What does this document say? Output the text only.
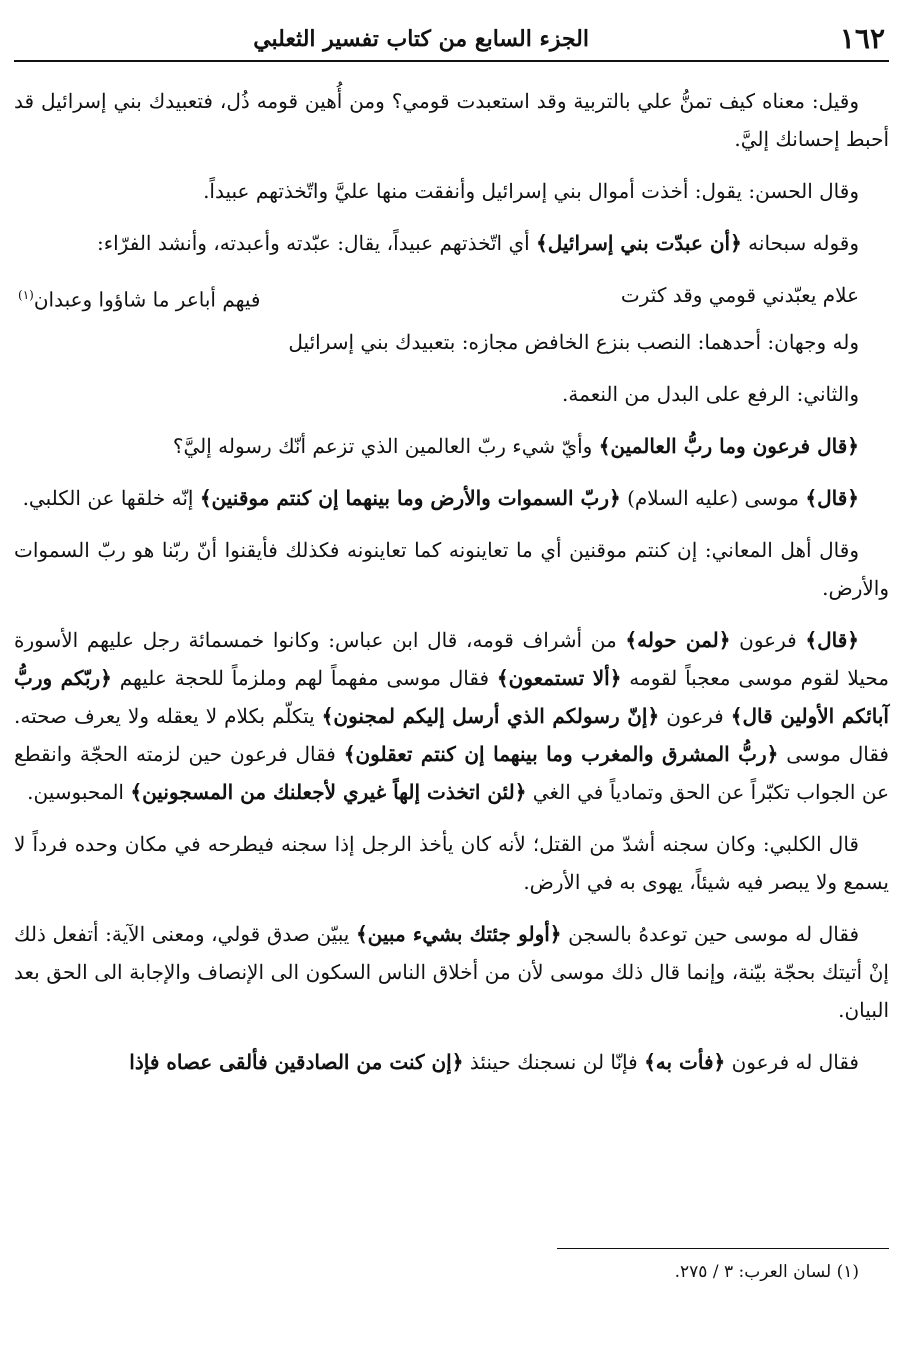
١٦٢
الجزء السابع من كتاب تفسير الثعلبي

وقيل: معناه كيف تمنُّ علي بالتربية وقد استعبدت قومي؟ ومن أُهين قومه ذُل، فتعبيدك بني إسرائيل قد أحبط إحسانك إليَّ.

وقال الحسن: يقول: أخذت أموال بني إسرائيل وأنفقت منها عليَّ واتّخذتهم عبيداً.

وقوله سبحانه ﴿أن عبدّت بني إسرائيل﴾ أي اتّخذتهم عبيداً، يقال: عبّدته وأعبدته، وأنشد الفرّاء:

علام يعبّدني قومي وقد كثرت
فيهم أباعر ما شاؤوا وعبدان$^{(١)}$

وله وجهان: أحدهما: النصب بنزع الخافض مجازه: بتعبيدك بني إسرائيل

والثاني: الرفع على البدل من النعمة.

﴿قال فرعون وما ربُّ العالمين﴾ وأيّ شيء ربّ العالمين الذي تزعم أنّك رسوله إليَّ؟

﴿قال﴾ موسى (عليه السلام) ﴿ربّ السموات والأرض وما بينهما إن كنتم موقنين﴾ إنّه خلقها عن الكلبي.

وقال أهل المعاني: إن كنتم موقنين أي ما تعاينونه كما تعاينونه فكذلك فأيقنوا أنّ ربّنا هو ربّ السموات والأرض.

﴿قال﴾ فرعون ﴿لمن حوله﴾ من أشراف قومه، قال ابن عباس: وكانوا خمسمائة رجل عليهم الأسورة محيلا لقوم موسى معجباً لقومه ﴿ألا تستمعون﴾ فقال موسى مفهماً لهم وملزماً للحجة عليهم ﴿ربّكم وربُّ آبائكم الأولين قال﴾ فرعون ﴿إنّ رسولكم الذي أرسل إليكم لمجنون﴾ يتكلّم بكلام لا يعقله ولا يعرف صحته. فقال موسى ﴿ربُّ المشرق والمغرب وما بينهما إن كنتم تعقلون﴾ فقال فرعون حين لزمته الحجّة وانقطع عن الجواب تكبّراً عن الحق وتمادياً في الغي ﴿لئن اتخذت إلهاً غيري لأجعلنك من المسجونين﴾ المحبوسين.

قال الكلبي: وكان سجنه أشدّ من القتل؛ لأنه كان يأخذ الرجل إذا سجنه فيطرحه في مكان وحده فرداً لا يسمع ولا يبصر فيه شيئاً، يهوى به في الأرض.

فقال له موسى حين توعدهُ بالسجن ﴿أولو جئتك بشيء مبين﴾ يبيّن صدق قولي، ومعنى الآية: أتفعل ذلك إنْ أتيتك بحجّة بيّنة، وإنما قال ذلك موسى لأن من أخلاق الناس السكون الى الإنصاف والإجابة الى الحق بعد البيان.

فقال له فرعون ﴿فأت به﴾ فإنّا لن نسجنك حينئذ ﴿إن كنت من الصادقين فألقى عصاه فإذا

(١) لسان العرب: ٣ / ٢٧٥.
